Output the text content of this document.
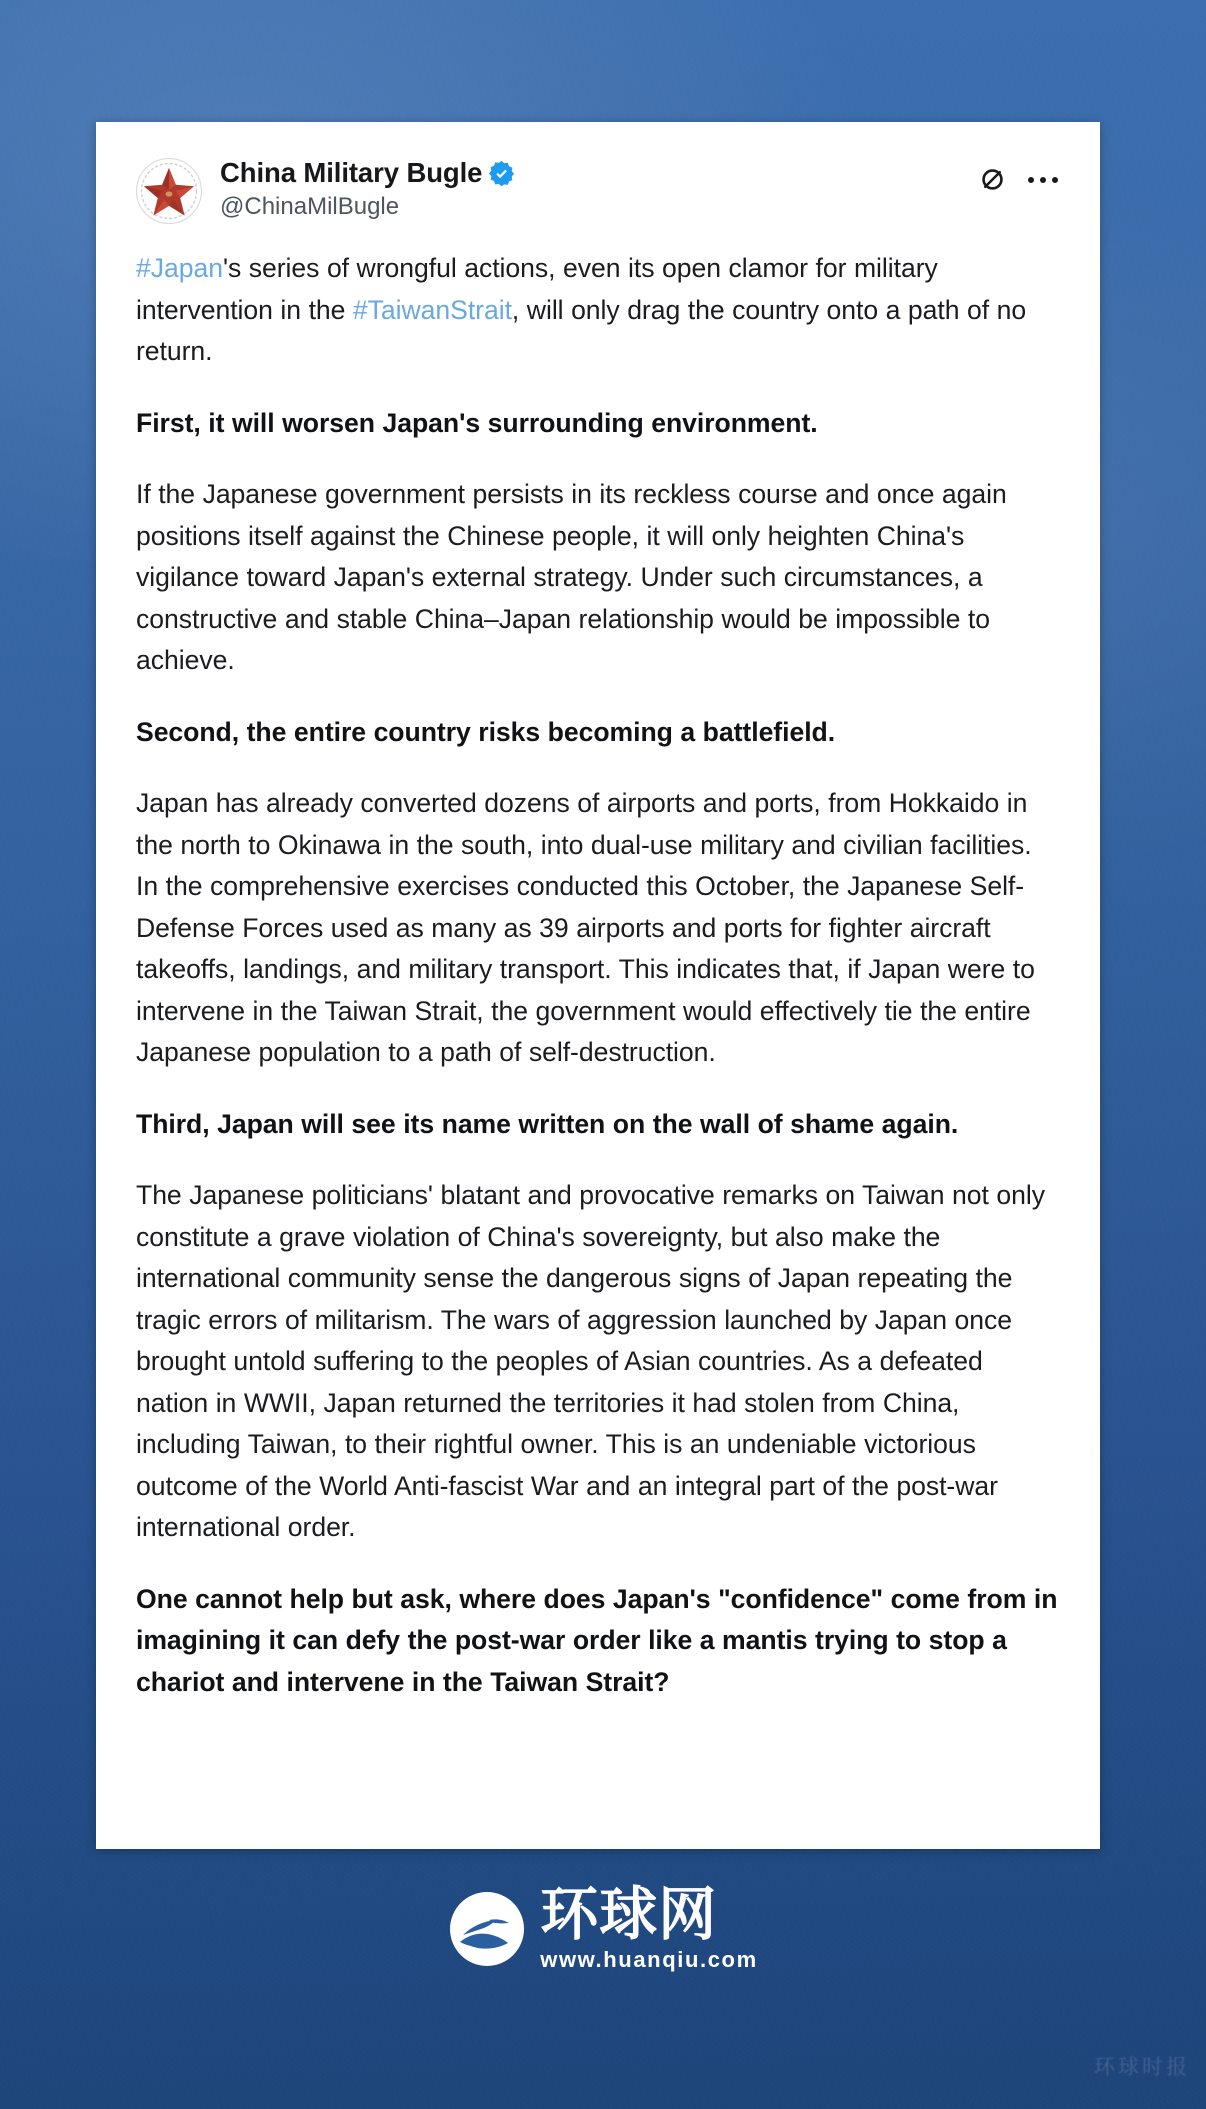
China Military Bugle
@ChinaMilBugle

#Japan's series of wrongful actions, even its open clamor for military intervention in the #TaiwanStrait, will only drag the country onto a path of no return.

First, it will worsen Japan's surrounding environment.

If the Japanese government persists in its reckless course and once again positions itself against the Chinese people, it will only heighten China's vigilance toward Japan's external strategy. Under such circumstances, a constructive and stable China–Japan relationship would be impossible to achieve.

Second, the entire country risks becoming a battlefield.

Japan has already converted dozens of airports and ports, from Hokkaido in the north to Okinawa in the south, into dual-use military and civilian facilities. In the comprehensive exercises conducted this October, the Japanese Self-Defense Forces used as many as 39 airports and ports for fighter aircraft takeoffs, landings, and military transport. This indicates that, if Japan were to intervene in the Taiwan Strait, the government would effectively tie the entire Japanese population to a path of self-destruction.

Third, Japan will see its name written on the wall of shame again.

The Japanese politicians' blatant and provocative remarks on Taiwan not only constitute a grave violation of China's sovereignty, but also make the international community sense the dangerous signs of Japan repeating the tragic errors of militarism. The wars of aggression launched by Japan once brought untold suffering to the peoples of Asian countries. As a defeated nation in WWII, Japan returned the territories it had stolen from China, including Taiwan, to their rightful owner. This is an undeniable victorious outcome of the World Anti-fascist War and an integral part of the post-war international order.

One cannot help but ask, where does Japan's "confidence" come from in imagining it can defy the post-war order like a mantis trying to stop a chariot and intervene in the Taiwan Strait?

环球网
www.huanqiu.com
环球时报
